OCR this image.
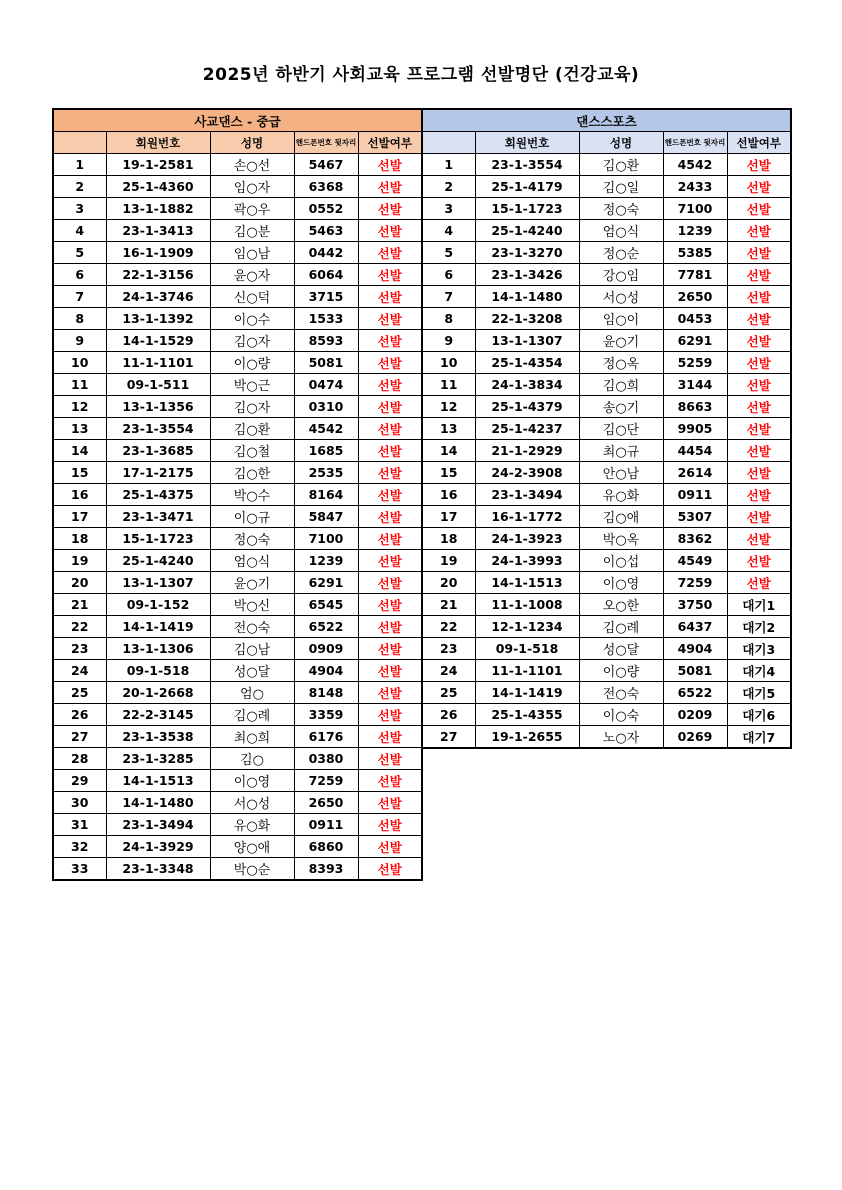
2025년 하반기 사회교육 프로그램 선발명단 (건강교육)
사교댄스 - 중급				
	회원번호	성명	핸드폰번호 뒷자리	선발여부
1	19-1-2581	손○선	5467	선발
2	25-1-4360	임○자	6368	선발
3	13-1-1882	곽○우	0552	선발
4	23-1-3413	김○분	5463	선발
5	16-1-1909	임○남	0442	선발
6	22-1-3156	윤○자	6064	선발
7	24-1-3746	신○덕	3715	선발
8	13-1-1392	이○수	1533	선발
9	14-1-1529	김○자	8593	선발
10	11-1-1101	이○량	5081	선발
11	09-1-511	박○근	0474	선발
12	13-1-1356	김○자	0310	선발
13	23-1-3554	김○환	4542	선발
14	23-1-3685	김○철	1685	선발
15	17-1-2175	김○한	2535	선발
16	25-1-4375	박○수	8164	선발
17	23-1-3471	이○규	5847	선발
18	15-1-1723	정○숙	7100	선발
19	25-1-4240	엄○식	1239	선발
20	13-1-1307	윤○기	6291	선발
21	09-1-152	박○신	6545	선발
22	14-1-1419	전○숙	6522	선발
23	13-1-1306	김○남	0909	선발
24	09-1-518	성○달	4904	선발
25	20-1-2668	엄○	8148	선발
26	22-2-3145	김○례	3359	선발
27	23-1-3538	최○희	6176	선발
28	23-1-3285	김○	0380	선발
29	14-1-1513	이○영	7259	선발
30	14-1-1480	서○성	2650	선발
31	23-1-3494	유○화	0911	선발
32	24-1-3929	양○애	6860	선발
33	23-1-3348	박○순	8393	선발
댄스스포츠				
	회원번호	성명	핸드폰번호 뒷자리	선발여부
1	23-1-3554	김○환	4542	선발
2	25-1-4179	김○일	2433	선발
3	15-1-1723	정○숙	7100	선발
4	25-1-4240	엄○식	1239	선발
5	23-1-3270	정○순	5385	선발
6	23-1-3426	강○임	7781	선발
7	14-1-1480	서○성	2650	선발
8	22-1-3208	임○이	0453	선발
9	13-1-1307	윤○기	6291	선발
10	25-1-4354	정○옥	5259	선발
11	24-1-3834	김○희	3144	선발
12	25-1-4379	송○기	8663	선발
13	25-1-4237	김○단	9905	선발
14	21-1-2929	최○규	4454	선발
15	24-2-3908	안○남	2614	선발
16	23-1-3494	유○화	0911	선발
17	16-1-1772	김○애	5307	선발
18	24-1-3923	박○옥	8362	선발
19	24-1-3993	이○섭	4549	선발
20	14-1-1513	이○영	7259	선발
21	11-1-1008	오○한	3750	대기1
22	12-1-1234	김○례	6437	대기2
23	09-1-518	성○달	4904	대기3
24	11-1-1101	이○량	5081	대기4
25	14-1-1419	전○숙	6522	대기5
26	25-1-4355	이○숙	0209	대기6
27	19-1-2655	노○자	0269	대기7
